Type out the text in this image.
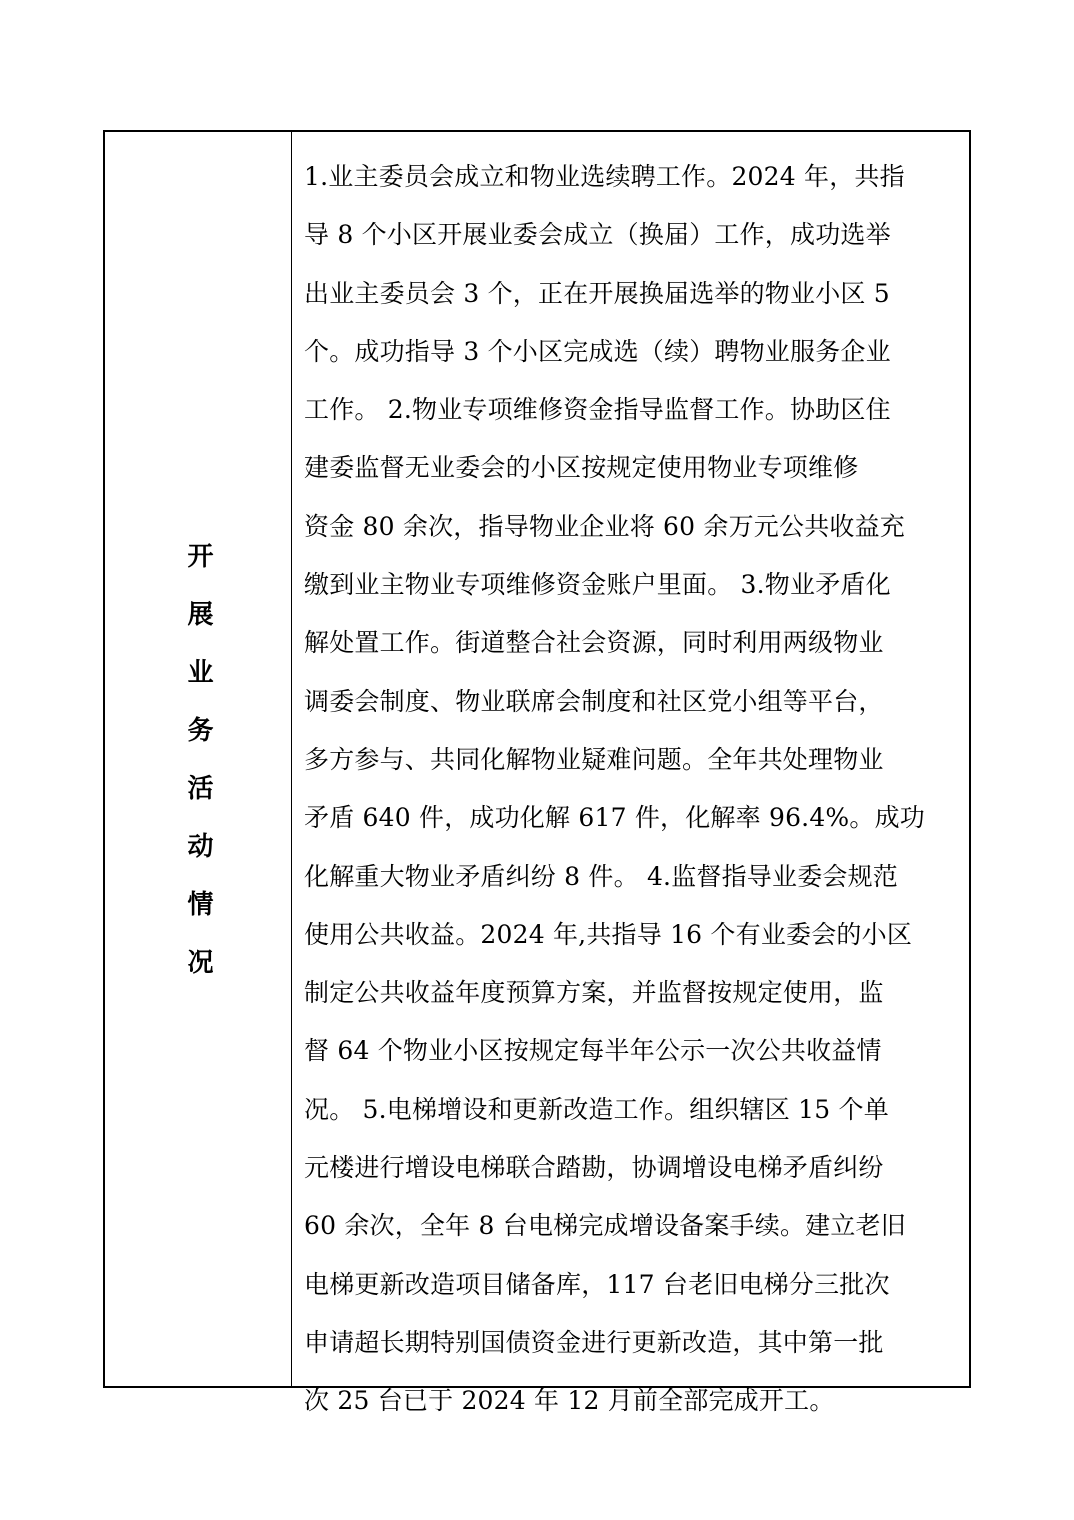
开展业务活动情况

1.业主委员会成立和物业选续聘工作。2024 年，共指
导 8 个小区开展业委会成立（换届）工作，成功选举
出业主委员会 3 个，正在开展换届选举的物业小区 5
个。成功指导 3 个小区完成选（续）聘物业服务企业
工作。 2.物业专项维修资金指导监督工作。协助区住
建委监督无业委会的小区按规定使用物业专项维修
资金 80 余次，指导物业企业将 60 余万元公共收益充
缴到业主物业专项维修资金账户里面。 3.物业矛盾化
解处置工作。街道整合社会资源，同时利用两级物业
调委会制度、物业联席会制度和社区党小组等平台，
多方参与、共同化解物业疑难问题。全年共处理物业
矛盾 640 件，成功化解 617 件，化解率 96.4%。成功
化解重大物业矛盾纠纷 8 件。 4.监督指导业委会规范
使用公共收益。2024 年,共指导 16 个有业委会的小区
制定公共收益年度预算方案，并监督按规定使用，监
督 64 个物业小区按规定每半年公示一次公共收益情
况。 5.电梯增设和更新改造工作。组织辖区 15 个单
元楼进行增设电梯联合踏勘，协调增设电梯矛盾纠纷
60 余次，全年 8 台电梯完成增设备案手续。建立老旧
电梯更新改造项目储备库，117 台老旧电梯分三批次
申请超长期特别国债资金进行更新改造，其中第一批
次 25 台已于 2024 年 12 月前全部完成开工。
